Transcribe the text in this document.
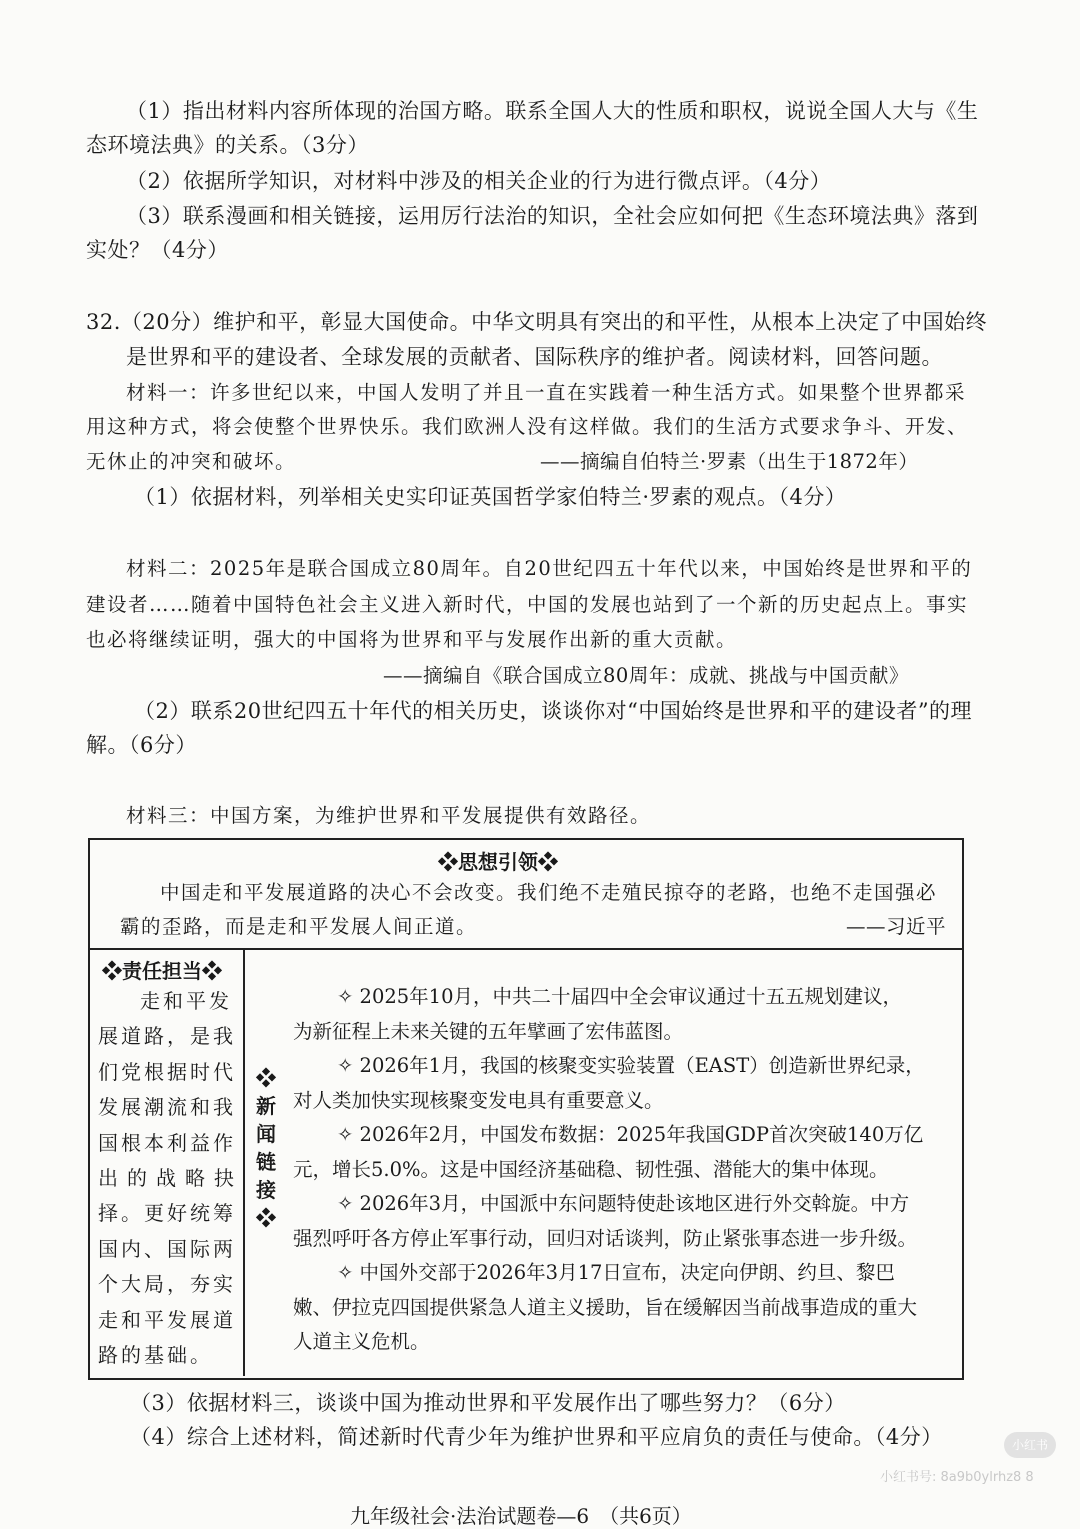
（1）指出材料内容所体现的治国方略。联系全国人大的性质和职权，说说全国人大与《生
态环境法典》的关系。（3分）
（2）依据所学知识，对材料中涉及的相关企业的行为进行微点评。（4分）
（3）联系漫画和相关链接，运用厉行法治的知识，全社会应如何把《生态环境法典》落到
实处？（4分）
32.（20分）维护和平，彰显大国使命。中华文明具有突出的和平性，从根本上决定了中国始终
是世界和平的建设者、全球发展的贡献者、国际秩序的维护者。阅读材料，回答问题。
材料一：许多世纪以来，中国人发明了并且一直在实践着一种生活方式。如果整个世界都采
用这种方式，将会使整个世界快乐。我们欧洲人没有这样做。我们的生活方式要求争斗、开发、
无休止的冲突和破坏。	——摘编自伯特兰·罗素（出生于1872年）
（1）依据材料，列举相关史实印证英国哲学家伯特兰·罗素的观点。（4分）
材料二：2025年是联合国成立80周年。自20世纪四五十年代以来，中国始终是世界和平的
建设者……随着中国特色社会主义进入新时代，中国的发展也站到了一个新的历史起点上。事实
也必将继续证明，强大的中国将为世界和平与发展作出新的重大贡献。
——摘编自《联合国成立80周年：成就、挑战与中国贡献》
（2）联系20世纪四五十年代的相关历史，谈谈你对“中国始终是世界和平的建设者”的理
解。（6分）
材料三：中国方案，为维护世界和平发展提供有效路径。
❖思想引领❖
中国走和平发展道路的决心不会改变。我们绝不走殖民掠夺的老路，也绝不走国强必
霸的歪路，而是走和平发展人间正道。	——习近平
❖责任担当❖
走和平发
展道路，是我
们党根据时代
发展潮流和我
国根本利益作
出的战略抉
择。更好统筹
国内、国际两
个大局，夯实
走和平发展道
路的基础。
❖新闻链接❖
✧ 2025年10月，中共二十届四中全会审议通过十五五规划建议，
为新征程上未来关键的五年擘画了宏伟蓝图。
✧ 2026年1月，我国的核聚变实验装置（EAST）创造新世界纪录，
对人类加快实现核聚变发电具有重要意义。
✧ 2026年2月，中国发布数据：2025年我国GDP首次突破140万亿
元，增长5.0%。这是中国经济基础稳、韧性强、潜能大的集中体现。
✧ 2026年3月，中国派中东问题特使赴该地区进行外交斡旋。中方
强烈呼吁各方停止军事行动，回归对话谈判，防止紧张事态进一步升级。
✧ 中国外交部于2026年3月17日宣布，决定向伊朗、约旦、黎巴
嫩、伊拉克四国提供紧急人道主义援助，旨在缓解因当前战事造成的重大
人道主义危机。
（3）依据材料三，谈谈中国为推动世界和平发展作出了哪些努力？（6分）
（4）综合上述材料，简述新时代青少年为维护世界和平应肩负的责任与使命。（4分）	小红书
小红书号: 8a9b0ylrhz8 8
九年级社会·法治试题卷—6　（共6页）
